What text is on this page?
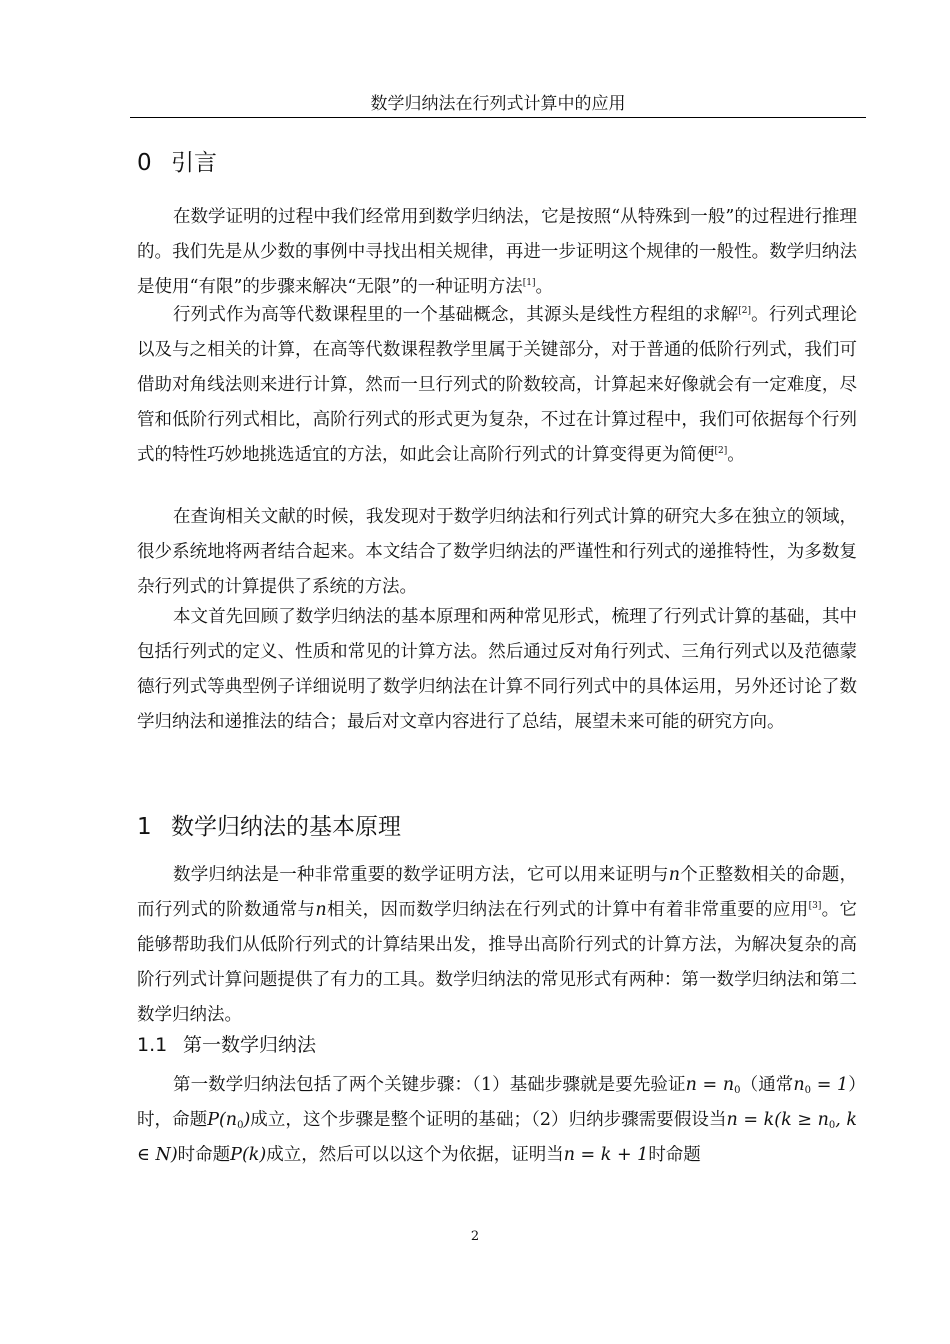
数学归纳法在行列式计算中的应用
0 引言

在数学证明的过程中我们经常用到数学归纳法，它是按照“从特殊到一般”的过程进行推理的。我们先是从少数的事例中寻找出相关规律，再进一步证明这个规律的一般性。数学归纳法是使用“有限”的步骤来解决“无限”的一种证明方法[1]。

行列式作为高等代数课程里的一个基础概念，其源头是线性方程组的求解[2]。行列式理论以及与之相关的计算，在高等代数课程教学里属于关键部分，对于普通的低阶行列式，我们可借助对角线法则来进行计算，然而一旦行列式的阶数较高，计算起来好像就会有一定难度，尽管和低阶行列式相比，高阶行列式的形式更为复杂，不过在计算过程中，我们可依据每个行列式的特性巧妙地挑选适宜的方法，如此会让高阶行列式的计算变得更为简便[2]。

在查询相关文献的时候，我发现对于数学归纳法和行列式计算的研究大多在独立的领域，很少系统地将两者结合起来。本文结合了数学归纳法的严谨性和行列式的递推特性，为多数复杂行列式的计算提供了系统的方法。

本文首先回顾了数学归纳法的基本原理和两种常见形式，梳理了行列式计算的基础，其中包括行列式的定义、性质和常见的计算方法。然后通过反对角行列式、三角行列式以及范德蒙德行列式等典型例子详细说明了数学归纳法在计算不同行列式中的具体运用，另外还讨论了数学归纳法和递推法的结合；最后对文章内容进行了总结，展望未来可能的研究方向。

1 数学归纳法的基本原理

数学归纳法是一种非常重要的数学证明方法，它可以用来证明与n个正整数相关的命题，而行列式的阶数通常与n相关，因而数学归纳法在行列式的计算中有着非常重要的应用[3]。它能够帮助我们从低阶行列式的计算结果出发，推导出高阶行列式的计算方法，为解决复杂的高阶行列式计算问题提供了有力的工具。数学归纳法的常见形式有两种：第一数学归纳法和第二数学归纳法。

1.1 第一数学归纳法

第一数学归纳法包括了两个关键步骤：（1）基础步骤就是要先验证$n = n_0$（通常$n_0 = 1$）时，命题$P(n_0)$成立，这个步骤是整个证明的基础；（2）归纳步骤需要假设当$n = k(k \ge n_0$, k ∈ N)时命题P(k)成立，然后可以以这个为依据，证明当n = k + 1时命题

2
